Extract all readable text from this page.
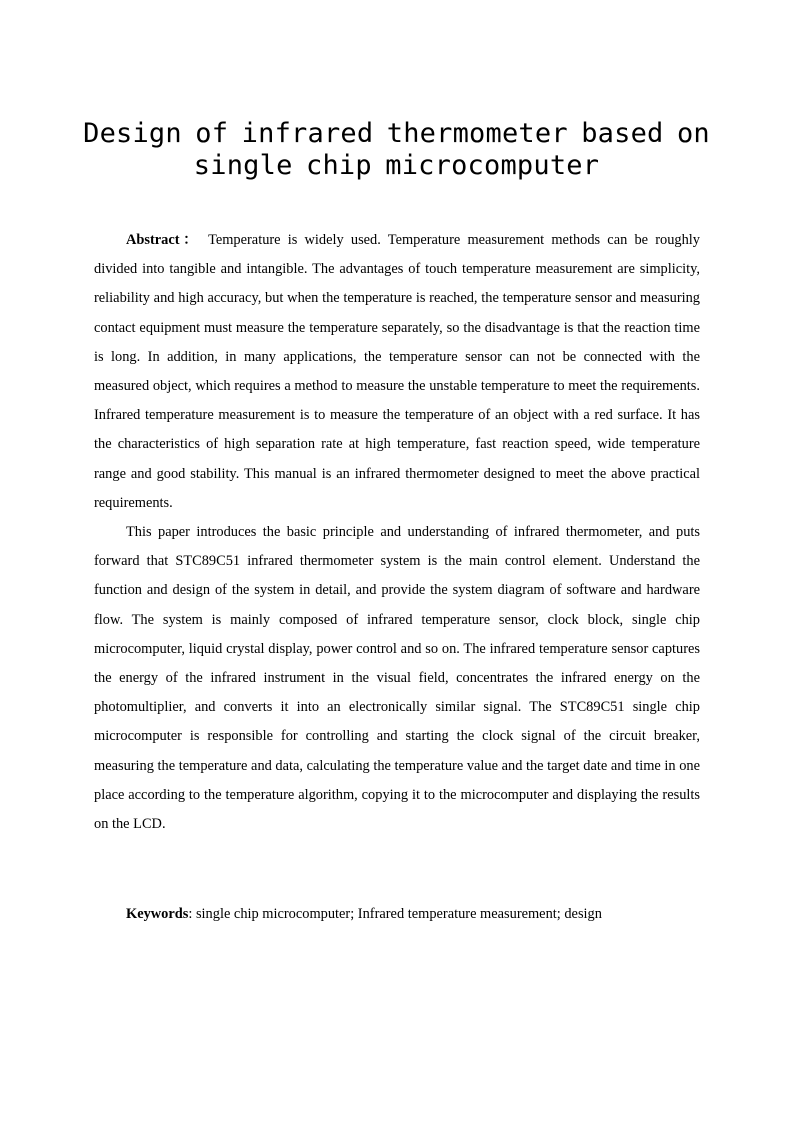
Design of infrared thermometer based on
single chip microcomputer

Abstract： Temperature is widely used. Temperature measurement methods can be roughly divided into tangible and intangible. The advantages of touch temperature measurement are simplicity, reliability and high accuracy, but when the temperature is reached, the temperature sensor and measuring contact equipment must measure the temperature separately, so the disadvantage is that the reaction time is long. In addition, in many applications, the temperature sensor can not be connected with the measured object, which requires a method to measure the unstable temperature to meet the requirements. Infrared temperature measurement is to measure the temperature of an object with a red surface. It has the characteristics of high separation rate at high temperature, fast reaction speed, wide temperature range and good stability. This manual is an infrared thermometer designed to meet the above practical requirements.

This paper introduces the basic principle and understanding of infrared thermometer, and puts forward that STC89C51 infrared thermometer system is the main control element. Understand the function and design of the system in detail, and provide the system diagram of software and hardware flow. The system is mainly composed of infrared temperature sensor, clock block, single chip microcomputer, liquid crystal display, power control and so on. The infrared temperature sensor captures the energy of the infrared instrument in the visual field, concentrates the infrared energy on the photomultiplier, and converts it into an electronically similar signal. The STC89C51 single chip microcomputer is responsible for controlling and starting the clock signal of the circuit breaker, measuring the temperature and data, calculating the temperature value and the target date and time in one place according to the temperature algorithm, copying it to the microcomputer and displaying the results on the LCD.

Keywords: single chip microcomputer; Infrared temperature measurement; design
